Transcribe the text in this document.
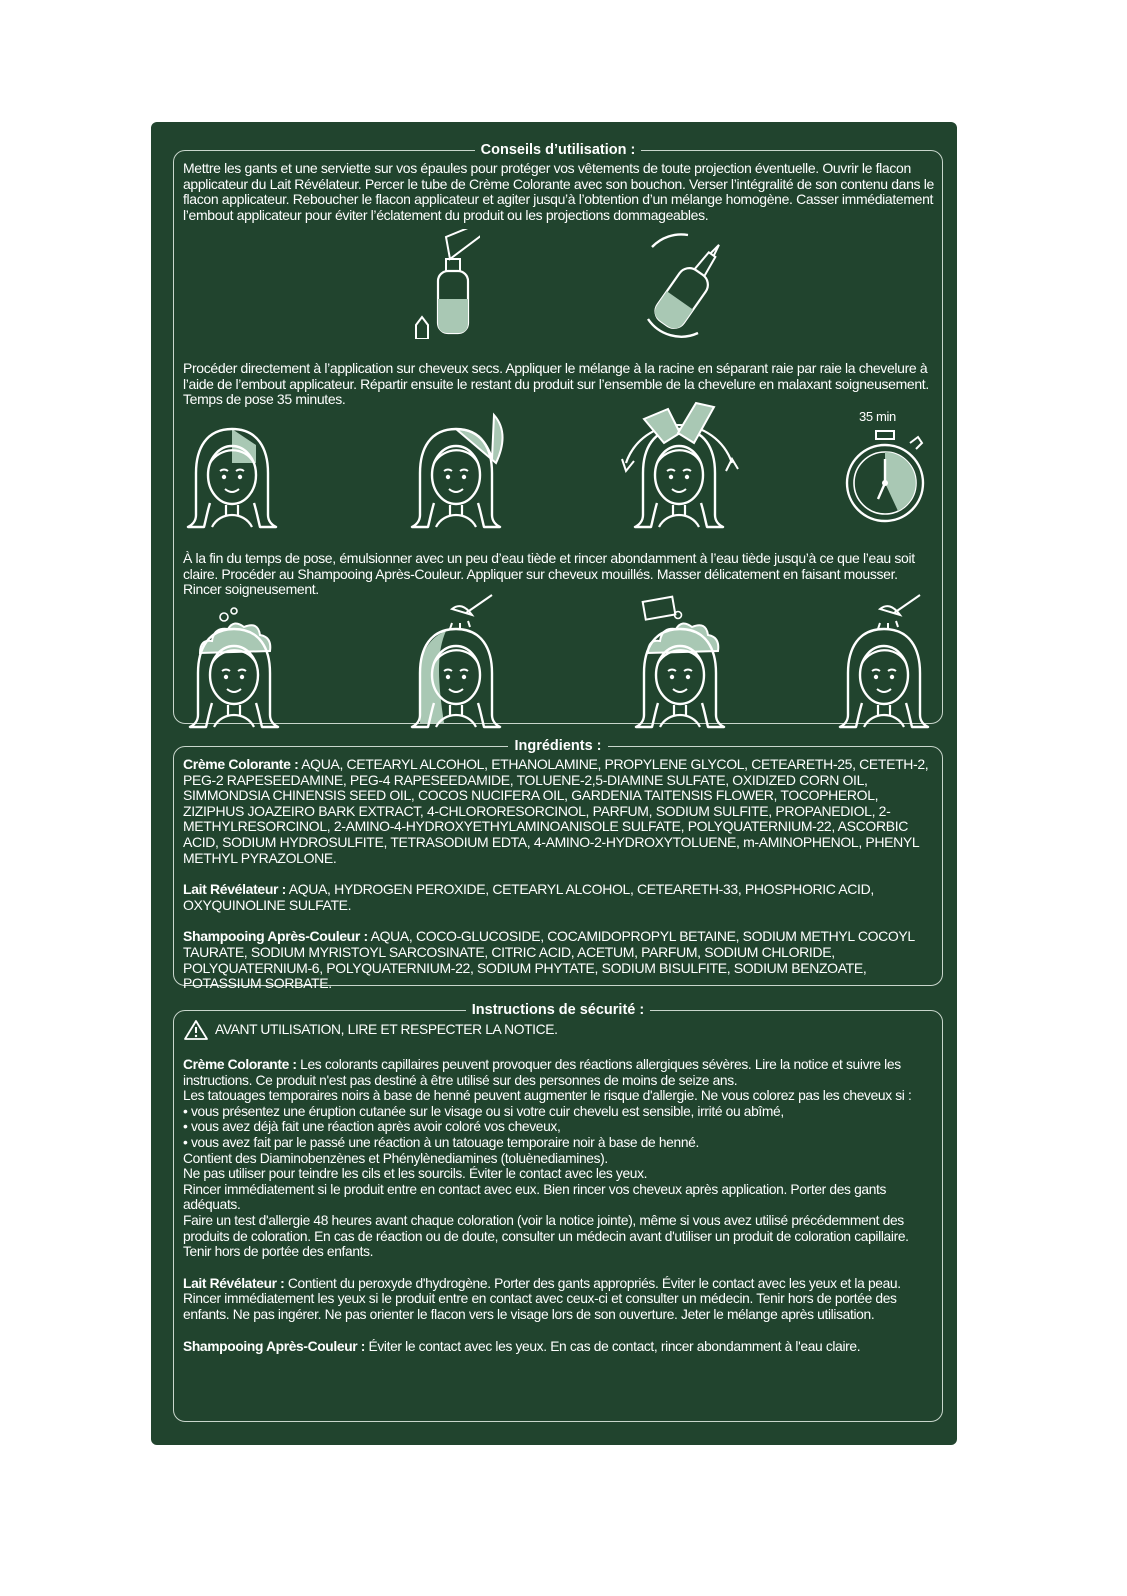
Conseils d’utilisation :
Mettre les gants et une serviette sur vos épaules pour protéger vos vêtements de toute projection éventuelle. Ouvrir le flacon applicateur du Lait Révélateur. Percer le tube de Crème Colorante avec son bouchon. Verser l’intégralité de son contenu dans le flacon applicateur. Reboucher le flacon applicateur et agiter jusqu’à l’obtention d’un mélange homogène. Casser immédiatement l’embout applicateur pour éviter l’éclatement du produit ou les projections dommageables.
Procéder directement à l’application sur cheveux secs. Appliquer le mélange à la racine en séparant raie par raie la chevelure à l’aide de l’embout applicateur. Répartir ensuite le restant du produit sur l’ensemble de la chevelure en malaxant soigneusement. Temps de pose 35 minutes.
35 min
À la fin du temps de pose, émulsionner avec un peu d’eau tiède et rincer abondamment à l’eau tiède jusqu’à ce que l’eau soit claire. Procéder au Shampooing Après-Couleur. Appliquer sur cheveux mouillés. Masser délicatement en faisant mousser. Rincer soigneusement.
Ingrédients :
Crème Colorante : AQUA, CETEARYL ALCOHOL, ETHANOLAMINE, PROPYLENE GLYCOL, CETEARETH-25, CETETH-2, PEG-2 RAPESEEDAMINE, PEG-4 RAPESEEDAMIDE, TOLUENE-2,5-DIAMINE SULFATE, OXIDIZED CORN OIL, SIMMONDSIA CHINENSIS SEED OIL, COCOS NUCIFERA OIL, GARDENIA TAITENSIS FLOWER, TOCOPHEROL, ZIZIPHUS JOAZEIRO BARK EXTRACT, 4-CHLORORESORCINOL, PARFUM, SODIUM SULFITE, PROPANEDIOL, 2-METHYLRESORCINOL, 2-AMINO-4-HYDROXYETHYLAMINOANISOLE SULFATE, POLYQUATERNIUM-22, ASCORBIC ACID, SODIUM HYDROSULFITE, TETRASODIUM EDTA, 4-AMINO-2-HYDROXYTOLUENE, m-AMINOPHENOL, PHENYL METHYL PYRAZOLONE.
Lait Révélateur : AQUA, HYDROGEN PEROXIDE, CETEARYL ALCOHOL, CETEARETH-33, PHOSPHORIC ACID, OXYQUINOLINE SULFATE.
Shampooing Après-Couleur : AQUA, COCO-GLUCOSIDE, COCAMIDOPROPYL BETAINE, SODIUM METHYL COCOYL TAURATE, SODIUM MYRISTOYL SARCOSINATE, CITRIC ACID, ACETUM, PARFUM, SODIUM CHLORIDE, POLYQUATERNIUM-6, POLYQUATERNIUM-22, SODIUM PHYTATE, SODIUM BISULFITE, SODIUM BENZOATE, POTASSIUM SORBATE.
Instructions de sécurité :
AVANT UTILISATION, LIRE ET RESPECTER LA NOTICE.
Crème Colorante : Les colorants capillaires peuvent provoquer des réactions allergiques sévères. Lire la notice et suivre les instructions. Ce produit n'est pas destiné à être utilisé sur des personnes de moins de seize ans.
Les tatouages temporaires noirs à base de henné peuvent augmenter le risque d'allergie. Ne vous colorez pas les cheveux si :
• vous présentez une éruption cutanée sur le visage ou si votre cuir chevelu est sensible, irrité ou abîmé,
• vous avez déjà fait une réaction après avoir coloré vos cheveux,
• vous avez fait par le passé une réaction à un tatouage temporaire noir à base de henné.
Contient des Diaminobenzènes et Phénylènediamines (toluènediamines).
Ne pas utiliser pour teindre les cils et les sourcils. Éviter le contact avec les yeux.
Rincer immédiatement si le produit entre en contact avec eux. Bien rincer vos cheveux après application. Porter des gants adéquats.
Faire un test d'allergie 48 heures avant chaque coloration (voir la notice jointe), même si vous avez utilisé précédemment des produits de coloration. En cas de réaction ou de doute, consulter un médecin avant d'utiliser un produit de coloration capillaire.
Tenir hors de portée des enfants.
Lait Révélateur : Contient du peroxyde d'hydrogène. Porter des gants appropriés. Éviter le contact avec les yeux et la peau. Rincer immédiatement les yeux si le produit entre en contact avec ceux-ci et consulter un médecin. Tenir hors de portée des enfants. Ne pas ingérer. Ne pas orienter le flacon vers le visage lors de son ouverture. Jeter le mélange après utilisation.
Shampooing Après-Couleur : Éviter le contact avec les yeux. En cas de contact, rincer abondamment à l'eau claire.
